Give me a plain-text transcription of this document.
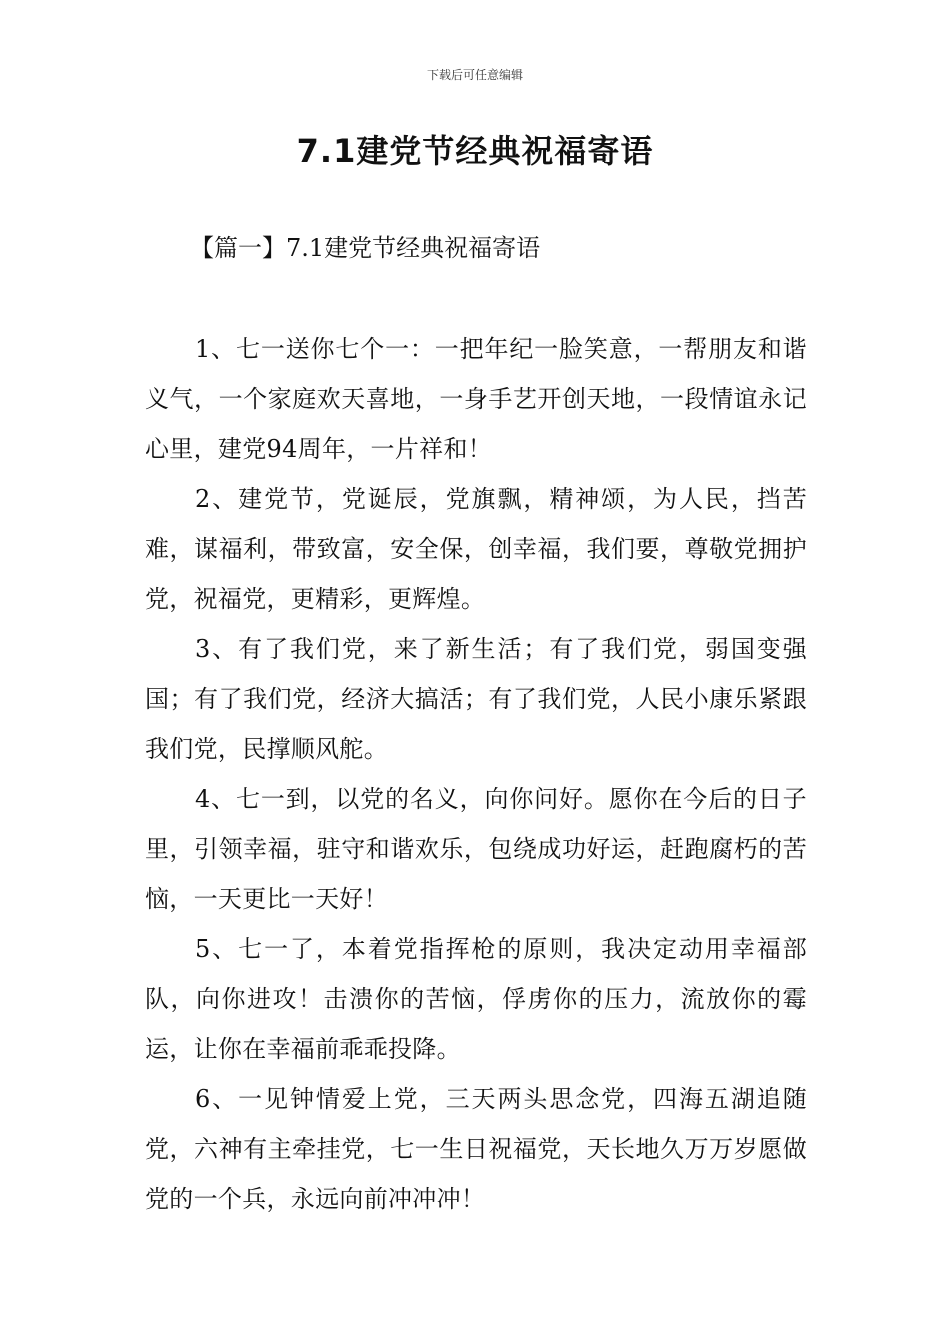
下载后可任意编辑
7.1建党节经典祝福寄语
【篇一】7.1建党节经典祝福寄语

1、七一送你七个一：一把年纪一脸笑意，一帮朋友和谐义气，一个家庭欢天喜地，一身手艺开创天地，一段情谊永记心里，建党94周年，一片祥和！

2、建党节，党诞辰，党旗飘，精神颂，为人民，挡苦难，谋福利，带致富，安全保，创幸福，我们要，尊敬党拥护党，祝福党，更精彩，更辉煌。

3、有了我们党，来了新生活；有了我们党，弱国变强国；有了我们党，经济大搞活；有了我们党，人民小康乐紧跟我们党，民撑顺风舵。

4、七一到，以党的名义，向你问好。愿你在今后的日子里，引领幸福，驻守和谐欢乐，包绕成功好运，赶跑腐朽的苦恼，一天更比一天好！

5、七一了，本着党指挥枪的原则，我决定动用幸福部队，向你进攻！击溃你的苦恼，俘虏你的压力，流放你的霉运，让你在幸福前乖乖投降。

6、一见钟情爱上党，三天两头思念党，四海五湖追随党，六神有主牵挂党，七一生日祝福党，天长地久万万岁愿做党的一个兵，永远向前冲冲冲！
